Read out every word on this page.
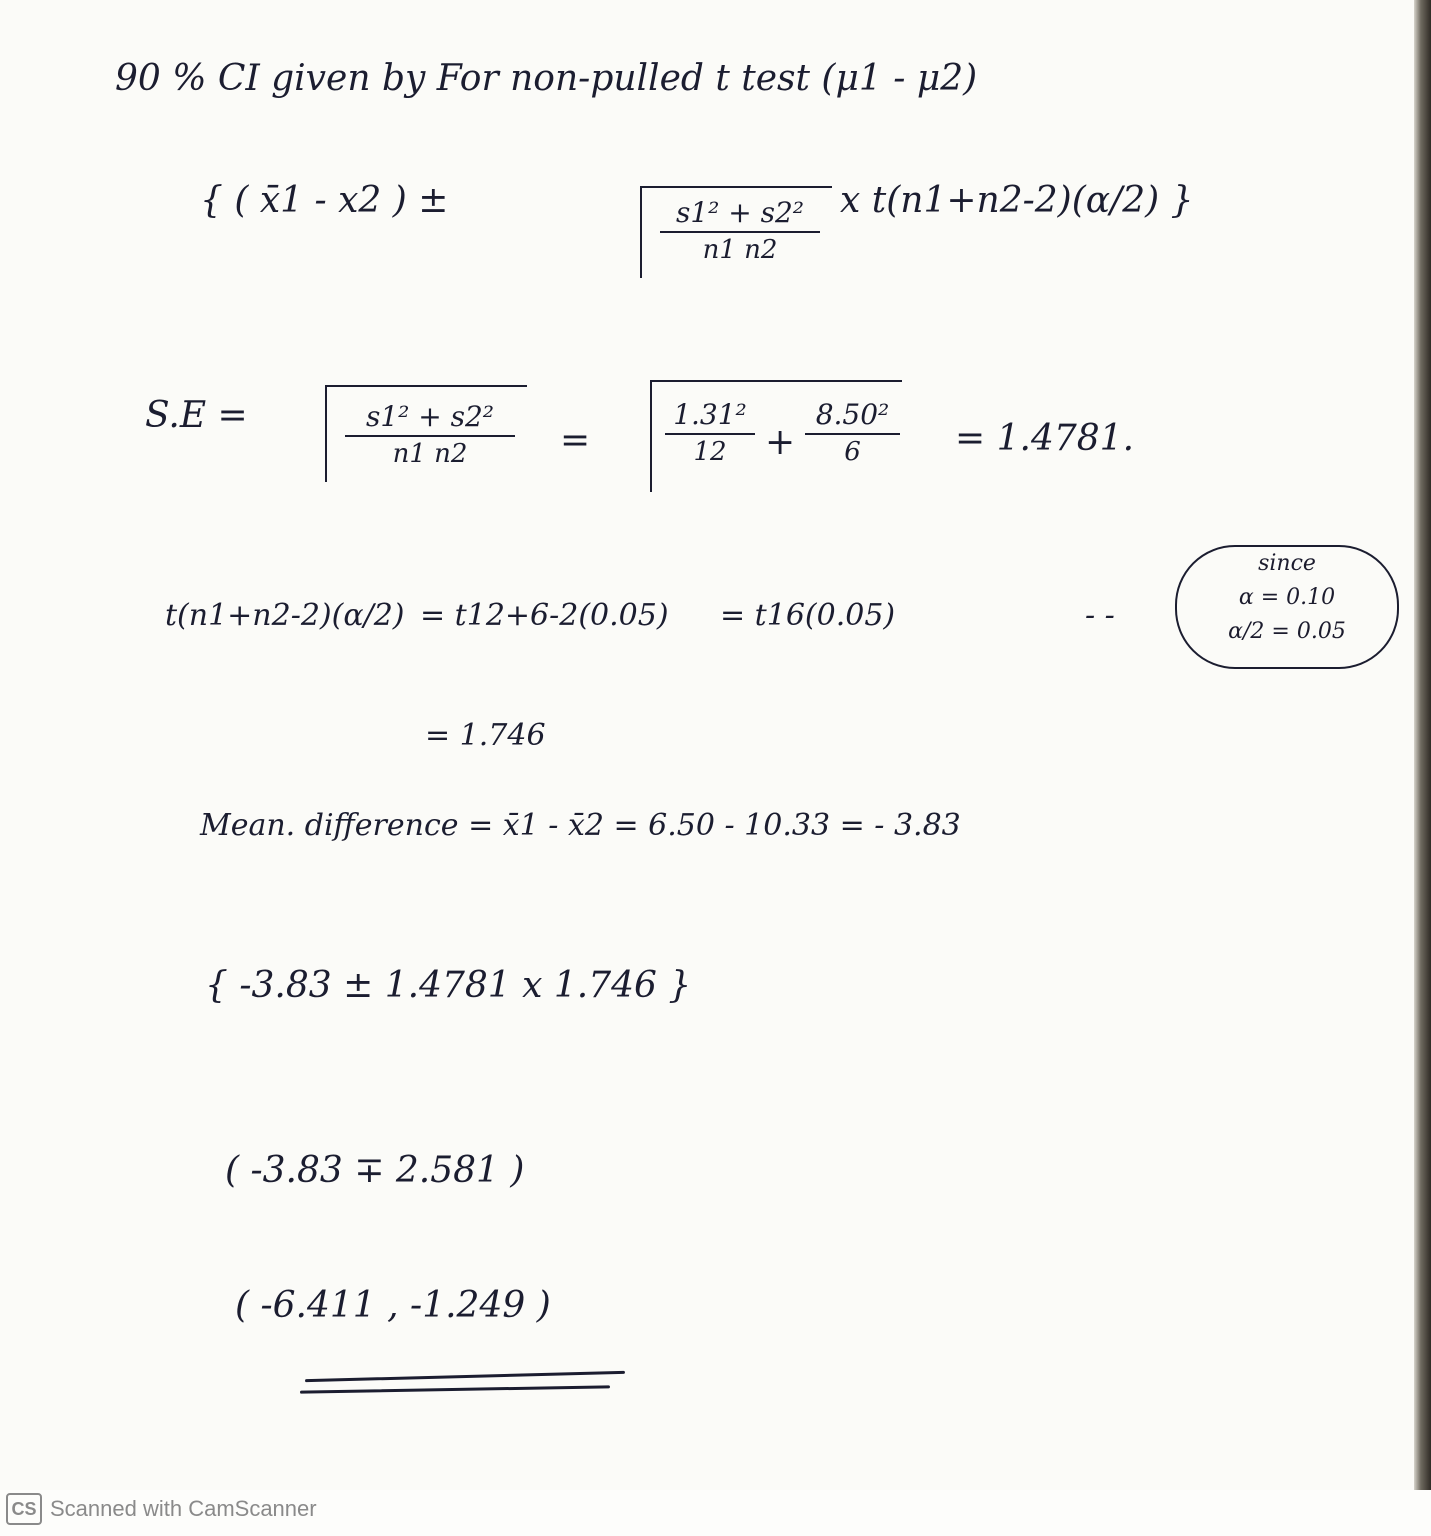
90 % CI given by For non-pulled t test (μ1 - μ2)
{ ( x̄1 - x2 ) ±	$\frac{\text{s1² + s2²}}{n1 n2}$ x t(n1+n2-2)(α/2) }
S.E =	$\frac{\text{s1² + s2²}}{n1 n2}$ =	$\frac{\text{1.31²}}{12} + \frac{\text{8.50²}}{6} = 1.4781$.
t(n1+n2-2)(α/2) = t12+6-2(0.05) = t16(0.05)	- -
since
α = 0.10
α/2 = 0.05
= 1.746
Mean. difference = x̄1 - x̄2 = 6.50 - 10.33 = - 3.83
{ -3.83 ± 1.4781 x 1.746 }
( -3.83 ∓ 2.581 )
( -6.411 , -1.249 )
CS Scanned with CamScanner
